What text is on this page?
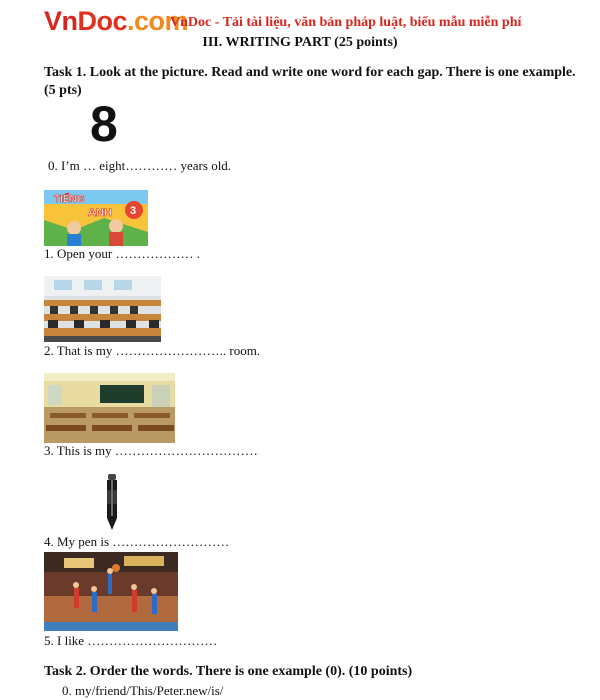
VnDoc.com
VnDoc - Tải tài liệu, văn bản pháp luật, biểu mẫu miễn phí
III. WRITING PART (25 points)
Task 1. Look at the picture. Read and write one word for each gap. There is one example. (5 pts)
8
0. I’m … eight………… years old.
3
TIẾNG
ANH
1. Open your ……………… .
2. That is my …………………….. room.
3. This is my ……………………………
4. My pen is ………………………
5. I like …………………………
Task 2. Order the words. There is one example (0). (10 points)
0. my/friend/This/Peter.new/is/
